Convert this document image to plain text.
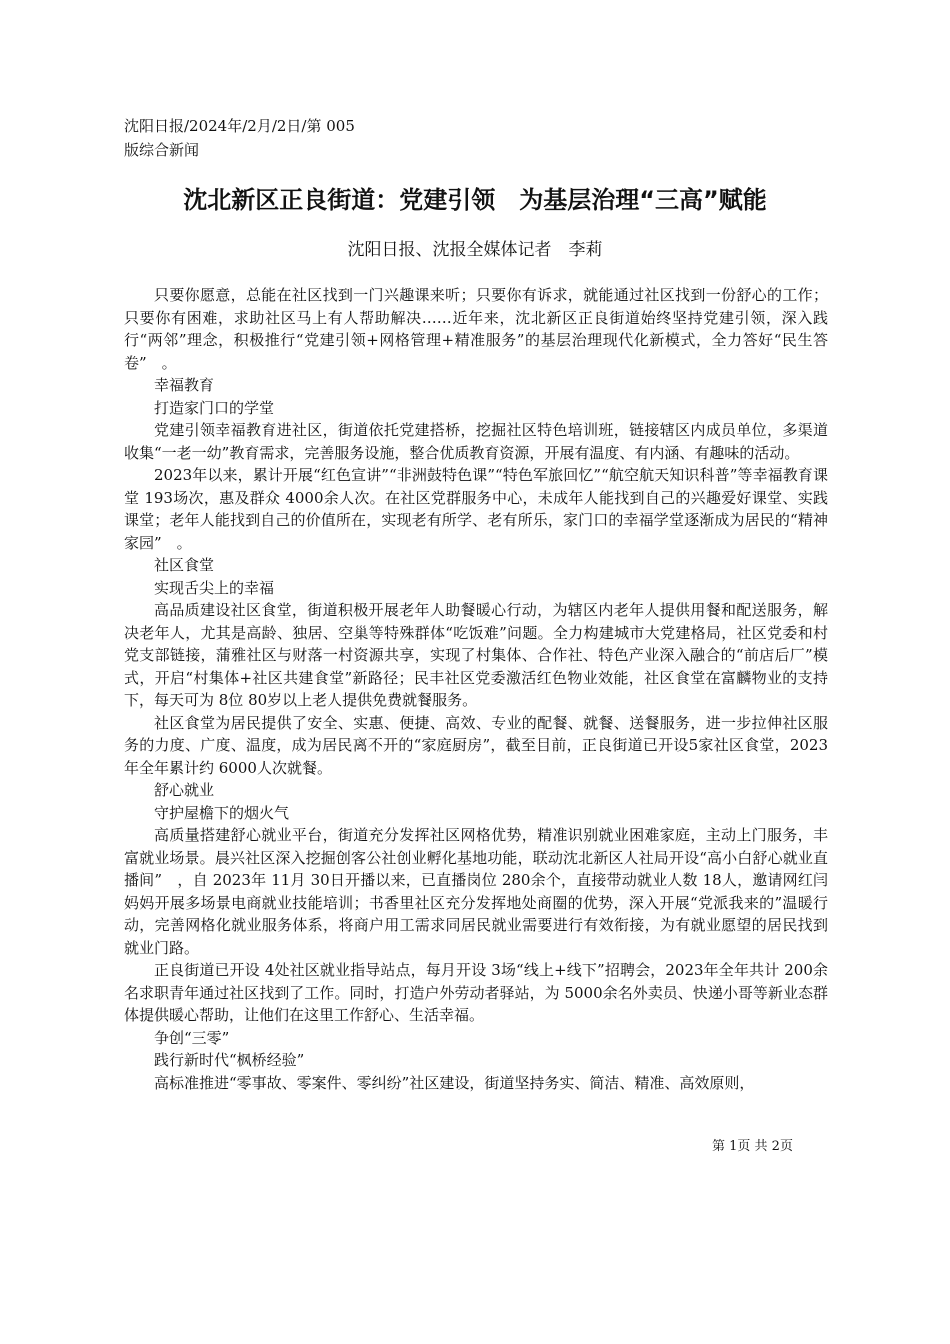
沈阳日报/2024年/2月/2日/第 005
版综合新闻
沈北新区正良街道：党建引领　为基层治理“三高”赋能
沈阳日报、沈报全媒体记者　李莉

只要你愿意，总能在社区找到一门兴趣课来听；只要你有诉求，就能通过社区找到一份舒心的工作；只要你有困难，求助社区马上有人帮助解决……近年来，沈北新区正良街道始终坚持党建引领，深入践行“两邻”理念，积极推行“党建引领+网格管理+精准服务”的基层治理现代化新模式，全力答好“民生答卷”　。

幸福教育

打造家门口的学堂

党建引领幸福教育进社区，街道依托党建搭桥，挖掘社区特色培训班，链接辖区内成员单位，多渠道收集“一老一幼”教育需求，完善服务设施，整合优质教育资源，开展有温度、有内涵、有趣味的活动。

2023年以来，累计开展“红色宣讲”“非洲鼓特色课”“特色军旅回忆”“航空航天知识科普”等幸福教育课堂 193场次，惠及群众 4000余人次。在社区党群服务中心，未成年人能找到自己的兴趣爱好课堂、实践课堂；老年人能找到自己的价值所在，实现老有所学、老有所乐，家门口的幸福学堂逐渐成为居民的“精神家园”　。

社区食堂

实现舌尖上的幸福

高品质建设社区食堂，街道积极开展老年人助餐暖心行动，为辖区内老年人提供用餐和配送服务，解决老年人，尤其是高龄、独居、空巢等特殊群体“吃饭难”问题。全力构建城市大党建格局，社区党委和村党支部链接，蒲雅社区与财落一村资源共享，实现了村集体、合作社、特色产业深入融合的“前店后厂”模式，开启“村集体+社区共建食堂”新路径；民丰社区党委激活红色物业效能，社区食堂在富麟物业的支持下，每天可为 8位 80岁以上老人提供免费就餐服务。

社区食堂为居民提供了安全、实惠、便捷、高效、专业的配餐、就餐、送餐服务，进一步拉伸社区服务的力度、广度、温度，成为居民离不开的“家庭厨房”，截至目前，正良街道已开设5家社区食堂，2023年全年累计约 6000人次就餐。

舒心就业

守护屋檐下的烟火气

高质量搭建舒心就业平台，街道充分发挥社区网格优势，精准识别就业困难家庭，主动上门服务，丰富就业场景。晨兴社区深入挖掘创客公社创业孵化基地功能，联动沈北新区人社局开设“高小白舒心就业直播间”　，自 2023年 11月 30日开播以来，已直播岗位 280余个，直接带动就业人数 18人，邀请网红闫妈妈开展多场景电商就业技能培训；书香里社区充分发挥地处商圈的优势，深入开展“党派我来的”温暖行动，完善网格化就业服务体系，将商户用工需求同居民就业需要进行有效衔接，为有就业愿望的居民找到就业门路。

正良街道已开设 4处社区就业指导站点，每月开设 3场“线上+线下”招聘会，2023年全年共计 200余名求职青年通过社区找到了工作。同时，打造户外劳动者驿站，为 5000余名外卖员、快递小哥等新业态群体提供暖心帮助，让他们在这里工作舒心、生活幸福。

争创“三零”

践行新时代“枫桥经验”

高标准推进“零事故、零案件、零纠纷”社区建设，街道坚持务实、简洁、精准、高效原则，

第 1页 共 2页
